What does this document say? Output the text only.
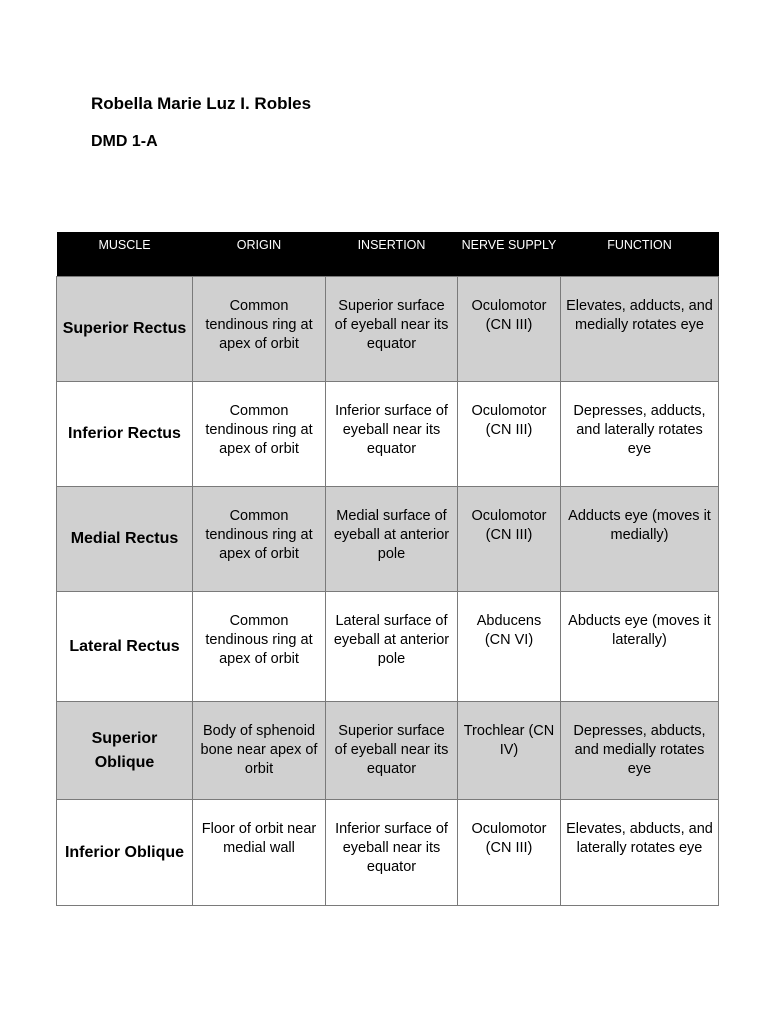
Robella Marie Luz I. Robles
DMD 1-A
MUSCLE	ORIGIN	INSERTION	NERVE SUPPLY	FUNCTION
Superior Rectus	Common tendinous ring at apex of orbit	Superior surface of eyeball near its equator	Oculomotor (CN III)	Elevates, adducts, and medially rotates eye
Inferior Rectus	Common tendinous ring at apex of orbit	Inferior surface of eyeball near its equator	Oculomotor (CN III)	Depresses, adducts, and laterally rotates eye
Medial Rectus	Common tendinous ring at apex of orbit	Medial surface of eyeball at anterior pole	Oculomotor (CN III)	Adducts eye (moves it medially)
Lateral Rectus	Common tendinous ring at apex of orbit	Lateral surface of eyeball at anterior pole	Abducens (CN VI)	Abducts eye (moves it laterally)
Superior Oblique	Body of sphenoid bone near apex of orbit	Superior surface of eyeball near its equator	Trochlear (CN IV)	Depresses, abducts, and medially rotates eye
Inferior Oblique	Floor of orbit near medial wall	Inferior surface of eyeball near its equator	Oculomotor (CN III)	Elevates, abducts, and laterally rotates eye
